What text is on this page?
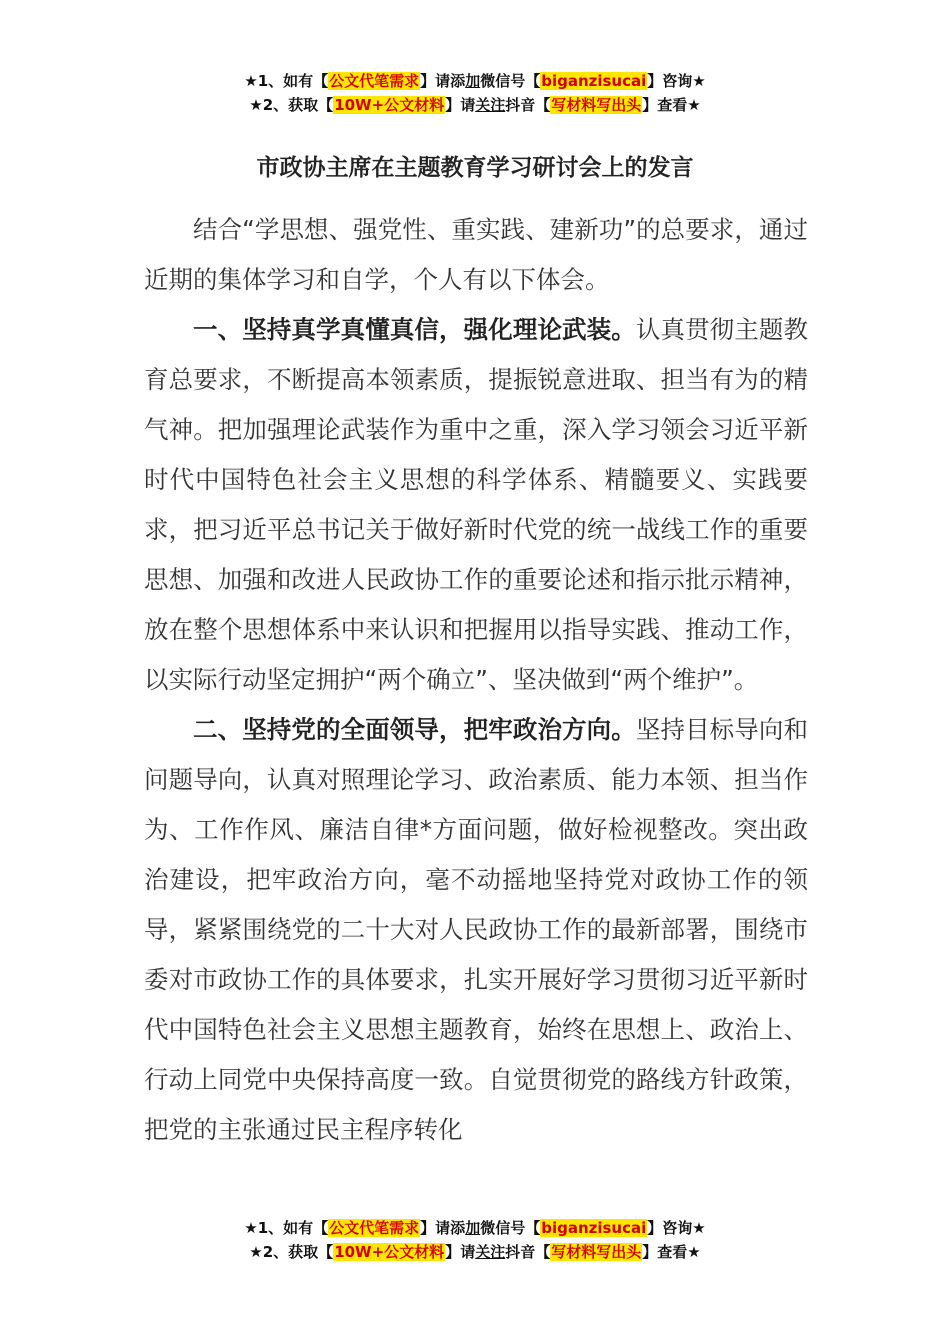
★1、如有【公文代笔需求】请添加微信号【biganzisucai】咨询★
★2、获取【10W+公文材料】请关注抖音【写材料写出头】查看★
市政协主席在主题教育学习研讨会上的发言

结合“学思想、强党性、重实践、建新功”的总要求，通过近期的集体学习和自学，个人有以下体会。

一、坚持真学真懂真信，强化理论武装。认真贯彻主题教育总要求，不断提高本领素质，提振锐意进取、担当有为的精气神。把加强理论武装作为重中之重，深入学习领会习近平新时代中国特色社会主义思想的科学体系、精髓要义、实践要求，把习近平总书记关于做好新时代党的统一战线工作的重要思想、加强和改进人民政协工作的重要论述和指示批示精神，放在整个思想体系中来认识和把握用以指导实践、推动工作，以实际行动坚定拥护“两个确立”、坚决做到“两个维护”。

二、坚持党的全面领导，把牢政治方向。坚持目标导向和问题导向，认真对照理论学习、政治素质、能力本领、担当作为、工作作风、廉洁自律*方面问题，做好检视整改。突出政治建设，把牢政治方向，毫不动摇地坚持党对政协工作的领导，紧紧围绕党的二十大对人民政协工作的最新部署，围绕市委对市政协工作的具体要求，扎实开展好学习贯彻习近平新时代中国特色社会主义思想主题教育，始终在思想上、政治上、行动上同党中央保持高度一致。自觉贯彻党的路线方针政策，把党的主张通过民主程序转化

★1、如有【公文代笔需求】请添加微信号【biganzisucai】咨询★
★2、获取【10W+公文材料】请关注抖音【写材料写出头】查看★
